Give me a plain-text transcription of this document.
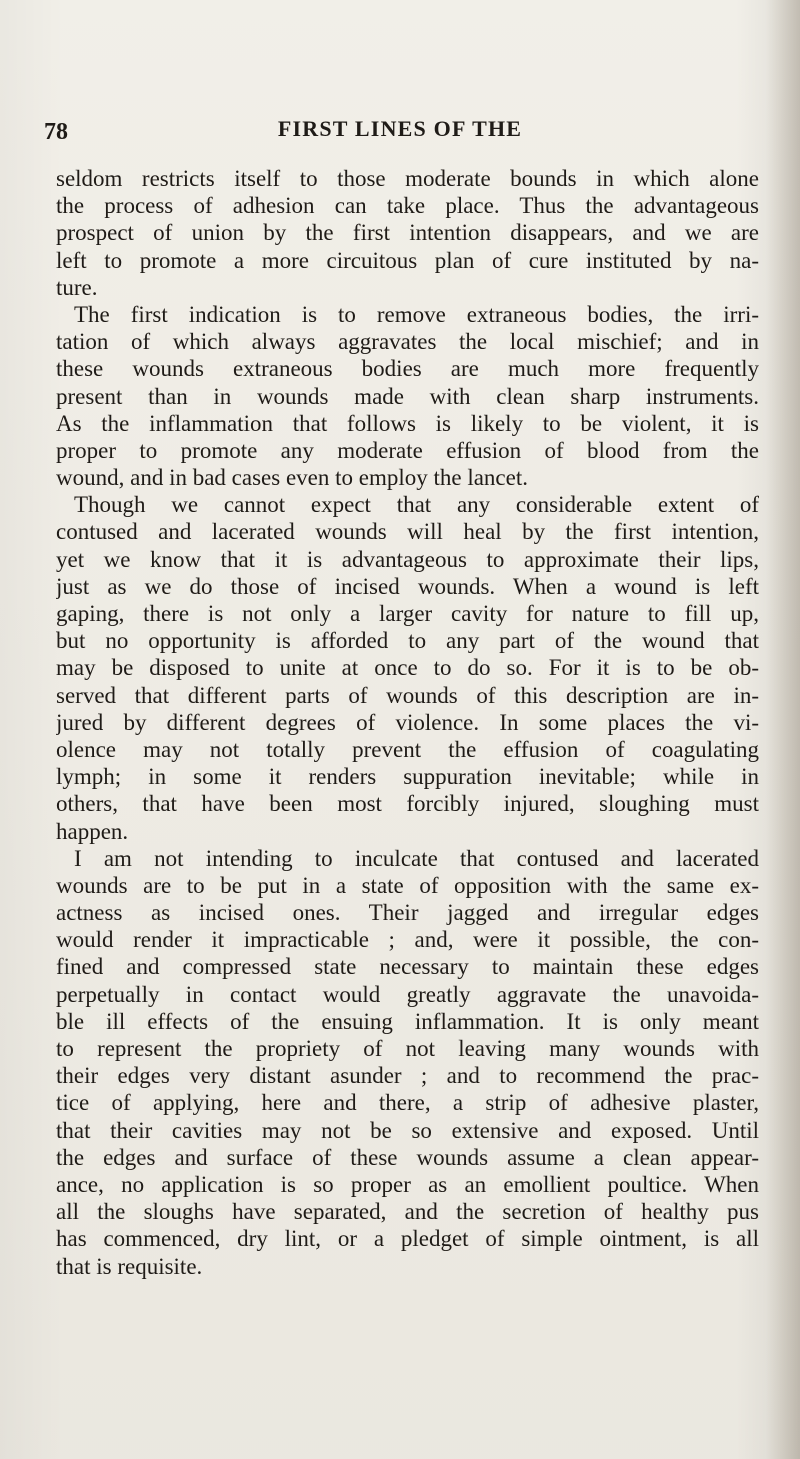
78	FIRST LINES OF THE

seldom restricts itself to those moderate bounds in which alone
the process of adhesion can take place. Thus the advantageous
prospect of union by the first intention disappears, and we are
left to promote a more circuitous plan of cure instituted by na-
ture.
The first indication is to remove extraneous bodies, the irri-
tation of which always aggravates the local mischief; and in
these wounds extraneous bodies are much more frequently
present than in wounds made with clean sharp instruments.
As the inflammation that follows is likely to be violent, it is
proper to promote any moderate effusion of blood from the
wound, and in bad cases even to employ the lancet.
Though we cannot expect that any considerable extent of
contused and lacerated wounds will heal by the first intention,
yet we know that it is advantageous to approximate their lips,
just as we do those of incised wounds. When a wound is left
gaping, there is not only a larger cavity for nature to fill up,
but no opportunity is afforded to any part of the wound that
may be disposed to unite at once to do so. For it is to be ob-
served that different parts of wounds of this description are in-
jured by different degrees of violence. In some places the vi-
olence may not totally prevent the effusion of coagulating
lymph; in some it renders suppuration inevitable; while in
others, that have been most forcibly injured, sloughing must
happen.
I am not intending to inculcate that contused and lacerated
wounds are to be put in a state of opposition with the same ex-
actness as incised ones. Their jagged and irregular edges
would render it impracticable ; and, were it possible, the con-
fined and compressed state necessary to maintain these edges
perpetually in contact would greatly aggravate the unavoida-
ble ill effects of the ensuing inflammation. It is only meant
to represent the propriety of not leaving many wounds with
their edges very distant asunder ; and to recommend the prac-
tice of applying, here and there, a strip of adhesive plaster,
that their cavities may not be so extensive and exposed. Until
the edges and surface of these wounds assume a clean appear-
ance, no application is so proper as an emollient poultice. When
all the sloughs have separated, and the secretion of healthy pus
has commenced, dry lint, or a pledget of simple ointment, is all
that is requisite.
